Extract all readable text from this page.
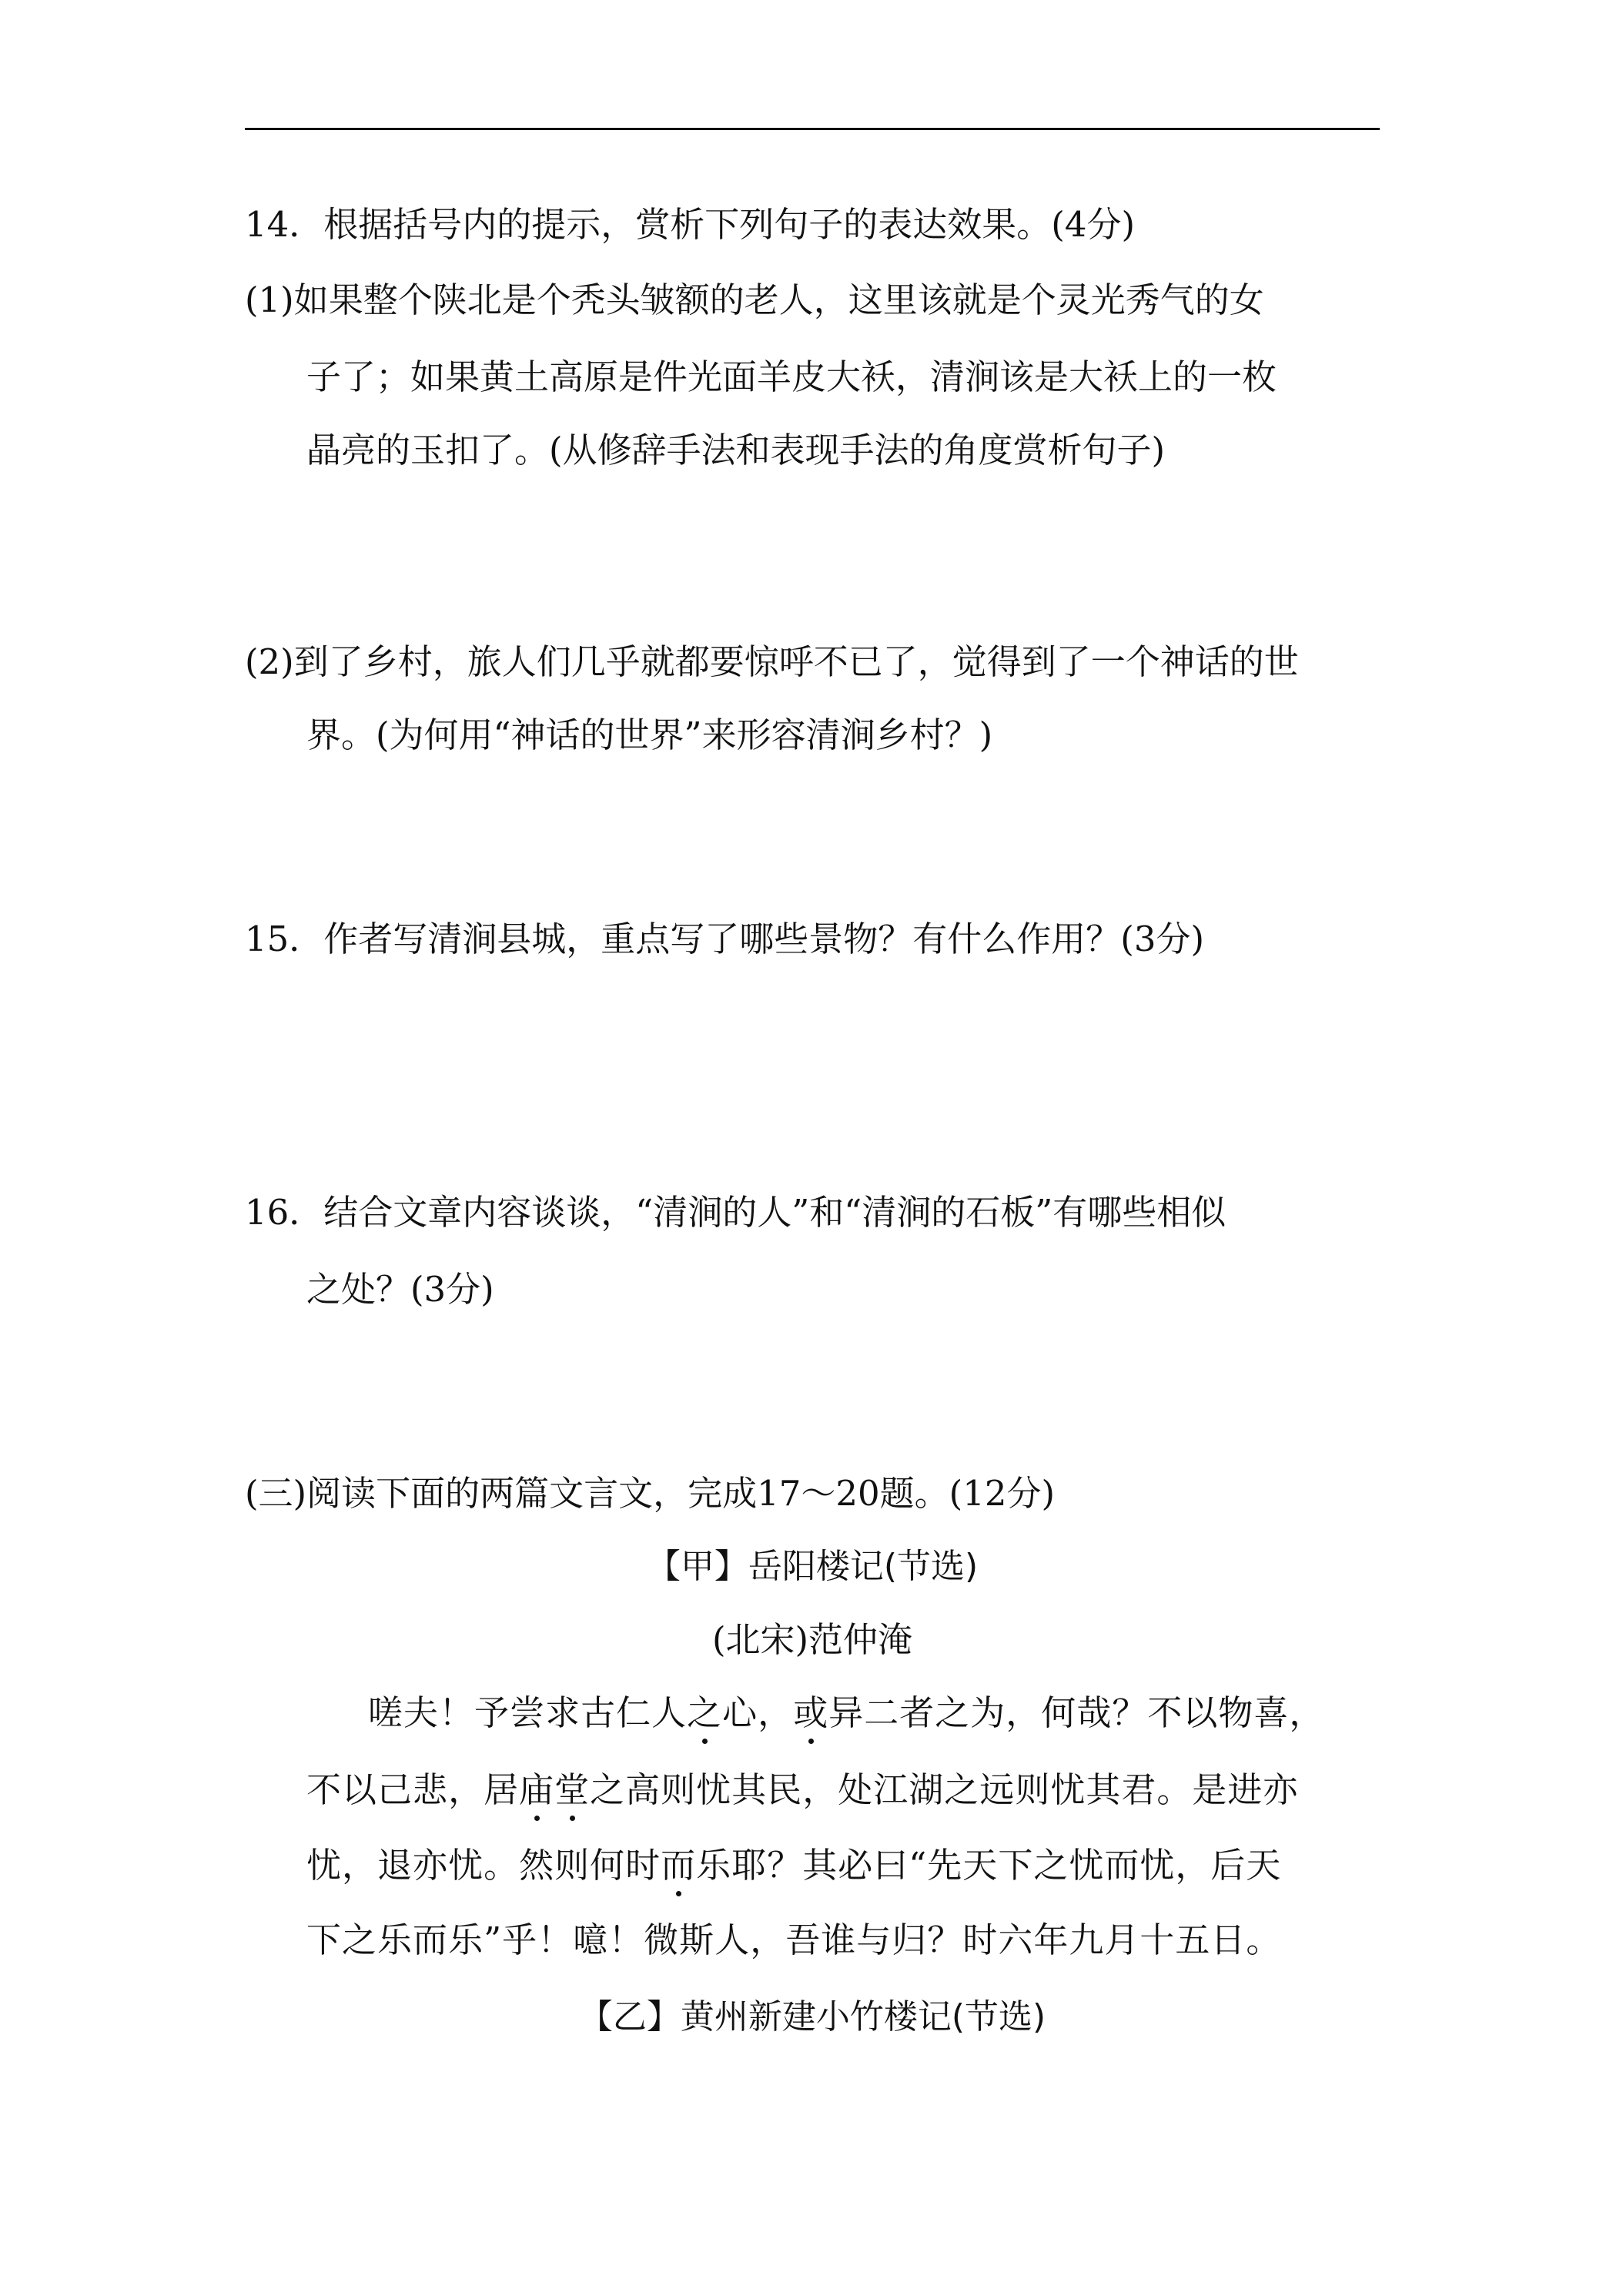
14．根据括号内的提示，赏析下列句子的表达效果。(4分)

(1)如果整个陕北是个秃头皱额的老人，这里该就是个灵光秀气的女

子了；如果黄土高原是件光面羊皮大袄，清涧该是大袄上的一枚

晶亮的玉扣了。(从修辞手法和表现手法的角度赏析句子)

(2)到了乡村，旅人们几乎就都要惊呼不已了，觉得到了一个神话的世

界。(为何用“神话的世界”来形容清涧乡村？)

15．作者写清涧县城，重点写了哪些景物？有什么作用？(3分)

16．结合文章内容谈谈，“清涧的人”和“清涧的石板”有哪些相似

之处？(3分)

(三)阅读下面的两篇文言文，完成17～20题。(12分)

【甲】岳阳楼记(节选)

(北宋)范仲淹

嗟夫！予尝求古仁人之心，或异二者之为，何哉？不以物喜，

不以己悲，居庙堂之高则忧其民，处江湖之远则忧其君。是进亦

忧，退亦忧。然则何时而乐耶？其必曰“先天下之忧而忧，后天

下之乐而乐”乎！噫！微斯人，吾谁与归？时六年九月十五日。

【乙】黄州新建小竹楼记(节选)
